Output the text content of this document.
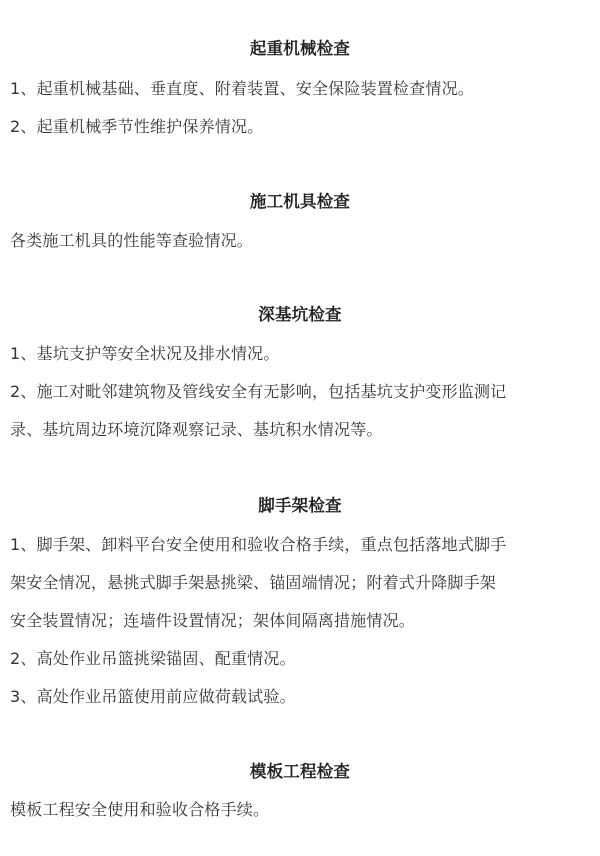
起重机械检查
1、起重机械基础、垂直度、附着装置、安全保险装置检查情况。
2、起重机械季节性维护保养情况。
施工机具检查
各类施工机具的性能等查验情况。
深基坑检查
1、基坑支护等安全状况及排水情况。
2、施工对毗邻建筑物及管线安全有无影响，包括基坑支护变形监测记
录、基坑周边环境沉降观察记录、基坑积水情况等。
脚手架检查
1、脚手架、卸料平台安全使用和验收合格手续，重点包括落地式脚手
架安全情况，悬挑式脚手架悬挑梁、锚固端情况；附着式升降脚手架
安全装置情况；连墙件设置情况；架体间隔离措施情况。
2、高处作业吊篮挑梁锚固、配重情况。
3、高处作业吊篮使用前应做荷载试验。
模板工程检查
模板工程安全使用和验收合格手续。
